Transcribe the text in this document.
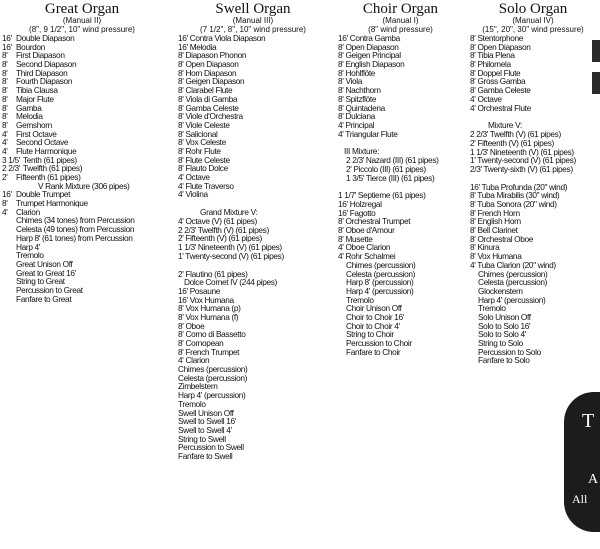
Great Organ
(Manual II)
(8", 9 1/2", 10" wind pressure)
16' Double Diapason
16' Bourdon
8'	First Diapason
8'	Second Diapason
8'	Third Diapason
8'	Fourth Diapason
8'	Tibia Clausa
8'	Major Flute
8'	Gamba
8'	Melodia
8'	Gemshorn
4'	First Octave
4'	Second Octave
4'	Flute Harmonique
3 1/5' Tenth (61 pipes)
2 2/3' Twelfth (61 pipes)
2'	Fifteenth (61 pipes)
V Rank Mixture (306 pipes)
16' Double Trumpet
8'	Trumpet Harmonique
4'	Clarion
Chimes (34 tones) from Percussion
Celesta (49 tones) from Percussion
Harp 8' (61 tones) from Percussion
Harp 4'
Tremolo
Great Unison Off
Great to Great 16'
String to Great
Percussion to Great
Fanfare to Great
Swell Organ
(Manual III)
(7 1/2", 8", 10" wind pressure)
16' Contra Viola Diapason
16' Melodia
8' Diapason Phonon
8' Open Diapason
8' Horn Diapason
8' Geigen Diapason
8' Clarabel Flute
8' Viola di Gamba
8' Gamba Celeste
8' Viole d'Orchestra
8' Viole Celeste
8' Salicional
8' Vox Celeste
8' Rohr Flute
8' Flute Celeste
8' Flauto Dolce
4' Octave
4' Flute Traverso
4' Violina
Grand Mixture V:
4' Octave (V) (61 pipes)
2 2/3' Twelfth (V) (61 pipes)
2' Fifteenth (V) (61 pipes)
1 1/3' Nineteenth (V) (61 pipes)
1' Twenty-second (V) (61 pipes)
2' Flautino (61 pipes)
Dolce Cornet IV (244 pipes)
16' Posaune
16' Vox Humana
8' Vox Humana (p)
8' Vox Humana (f)
8' Oboe
8' Corno di Bassetto
8' Cornopean
8' French Trumpet
4' Clarion
Chimes (percussion)
Celesta (percussion)
Zimbelstern
Harp 4' (percussion)
Tremolo
Swell Unison Off
Swell to Swell 16'
Swell to Swell 4'
String to Swell
Percussion to Swell
Fanfare to Swell
Choir Organ
(Manual I)
(8" wind pressure)
16' Contra Gamba
8' Open Diapason
8' Geigen Principal
8' English Diapason
8' Hohlflöte
8' Viola
8' Nachthorn
8' Spitzflöte
8' Quintadena
8' Dulciana
4' Principal
4' Triangular Flute
III Mixture:
2 2/3' Nazard (III) (61 pipes)
2' Piccolo (III) (61 pipes)
1 3/5' Tierce (III) (61 pipes)
1 1/7' Septieme (61 pipes)
16' Holzregal
16' Fagotto
8' Orchestral Trumpet
8' Oboe d'Amour
8' Musette
4' Oboe Clarion
4' Rohr Schalmei
Chimes (percussion)
Celesta (percussion)
Harp 8' (percussion)
Harp 4' (percussion)
Tremolo
Choir Unison Off
Choir to Choir 16'
Choir to Choir 4'
String to Choir
Percussion to Choir
Fanfare to Choir
Solo Organ
(Manual IV)
(15", 20", 30" wind pressure)
8' Stentorphone
8' Open Diapason
8' Tibia Plena
8' Philomela
8' Doppel Flute
8' Gross Gamba
8' Gamba Celeste
4' Octave
4' Orchestral Flute
Mixture V:
2 2/3' Twelfth (V) (61 pipes)
2' Fifteenth (V) (61 pipes)
1 1/3' Nineteenth (V) (61 pipes)
1' Twenty-second (V) (61 pipes)
2/3' Twenty-sixth (V) (61 pipes)
16' Tuba Profunda (20" wind)
8' Tuba Mirabilis (30" wind)
8' Tuba Sonora (20" wind)
8' French Horn
8' English Horn
8' Bell Clarinet
8' Orchestral Oboe
8' Kinura
8' Vox Humana
4' Tuba Clarion (20" wind)
Chimes (percussion)
Celesta (percussion)
Glockenstern
Harp 4' (percussion)
Tremolo
Solo Unison Off
Solo to Solo 16'
Solo to Solo 4'
String to Solo
Percussion to Solo
Fanfare to Solo
T
A
All
